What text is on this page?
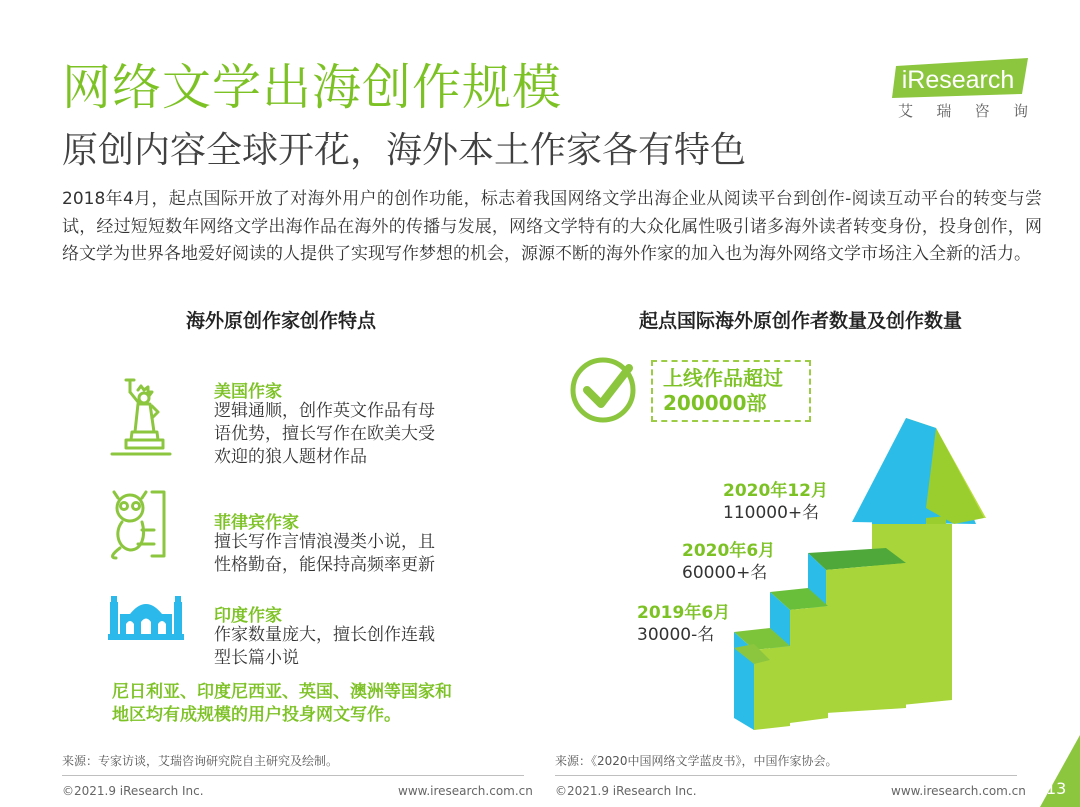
网络文学出海创作规模
原创内容全球开花，海外本土作家各有特色
iResearch
艾 瑞 咨 询
2018年4月，起点国际开放了对海外用户的创作功能，标志着我国网络文学出海企业从阅读平台到创作-阅读互动平台的转变与尝试，经过短短数年网络文学出海作品在海外的传播与发展，网络文学特有的大众化属性吸引诸多海外读者转变身份，投身创作，网络文学为世界各地爱好阅读的人提供了实现写作梦想的机会，源源不断的海外作家的加入也为海外网络文学市场注入全新的活力。
海外原创作家创作特点	起点国际海外原创作者数量及创作数量
美国作家
逻辑通顺，创作英文作品有母
语优势，擅长写作在欧美大受
欢迎的狼人题材作品
菲律宾作家
擅长写作言情浪漫类小说，且
性格勤奋，能保持高频率更新
印度作家
作家数量庞大，擅长创作连载
型长篇小说
尼日利亚、印度尼西亚、英国、澳洲等国家和
地区均有成规模的用户投身网文写作。
上线作品超过
200000部
2020年12月
110000+名
2020年6月
60000+名
2019年6月
30000-名
来源：专家访谈，艾瑞咨询研究院自主研究及绘制。	来源：《2020中国网络文学蓝皮书》，中国作家协会。
©2021.9 iResearch Inc.	www.iresearch.com.cn ©2021.9 iResearch Inc.	www.iresearch.com.cn 13
